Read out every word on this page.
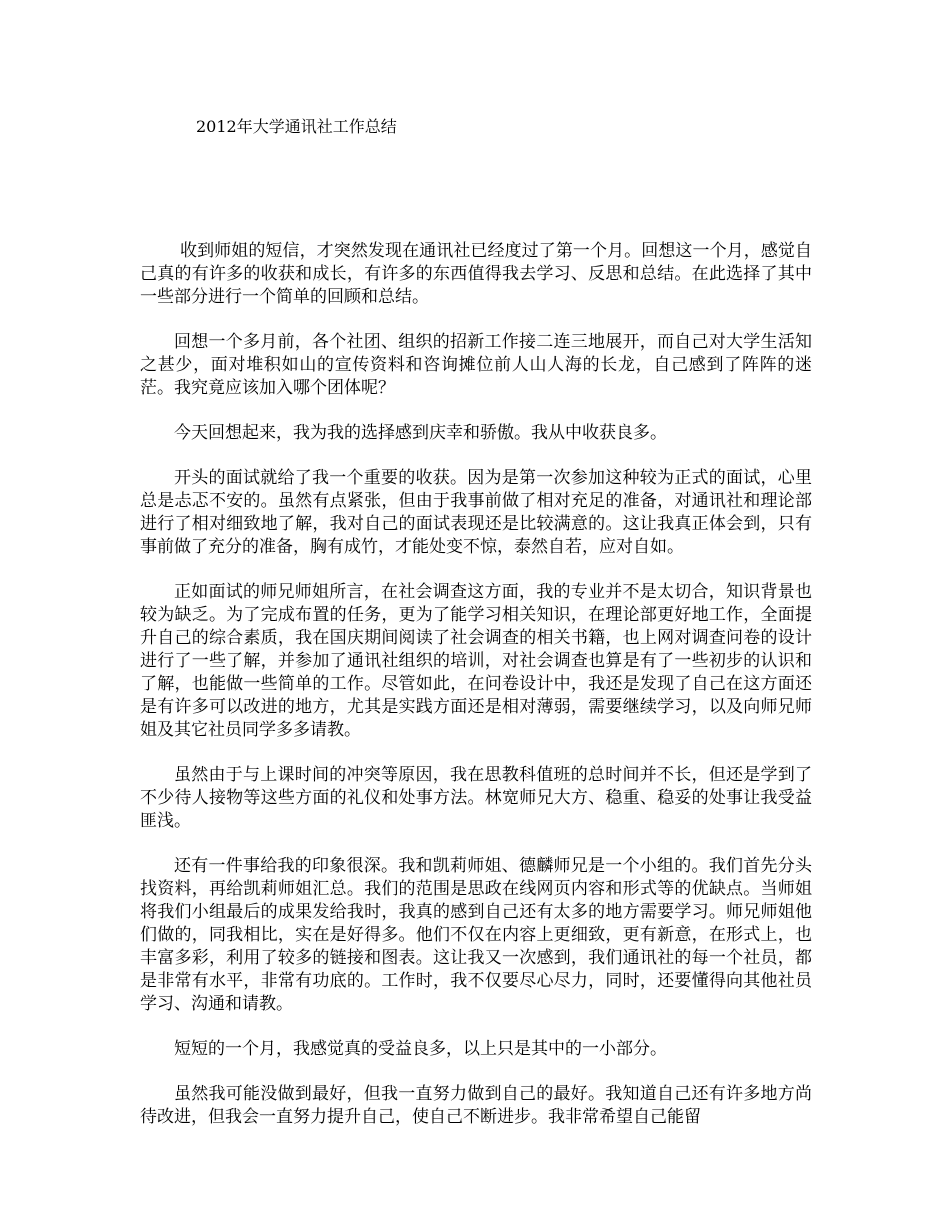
2012年大学通讯社工作总结

收到师姐的短信，才突然发现在通讯社已经度过了第一个月。回想这一个月，感觉自己真的有许多的收获和成长，有许多的东西值得我去学习、反思和总结。在此选择了其中一些部分进行一个简单的回顾和总结。

回想一个多月前，各个社团、组织的招新工作接二连三地展开，而自己对大学生活知之甚少，面对堆积如山的宣传资料和咨询摊位前人山人海的长龙，自己感到了阵阵的迷茫。我究竟应该加入哪个团体呢？

今天回想起来，我为我的选择感到庆幸和骄傲。我从中收获良多。

开头的面试就给了我一个重要的收获。因为是第一次参加这种较为正式的面试，心里总是忐忑不安的。虽然有点紧张，但由于我事前做了相对充足的准备，对通讯社和理论部进行了相对细致地了解，我对自己的面试表现还是比较满意的。这让我真正体会到，只有事前做了充分的准备，胸有成竹，才能处变不惊，泰然自若，应对自如。

正如面试的师兄师姐所言，在社会调查这方面，我的专业并不是太切合，知识背景也较为缺乏。为了完成布置的任务，更为了能学习相关知识，在理论部更好地工作，全面提升自己的综合素质，我在国庆期间阅读了社会调查的相关书籍，也上网对调查问卷的设计进行了一些了解，并参加了通讯社组织的培训，对社会调查也算是有了一些初步的认识和了解，也能做一些简单的工作。尽管如此，在问卷设计中，我还是发现了自己在这方面还是有许多可以改进的地方，尤其是实践方面还是相对薄弱，需要继续学习，以及向师兄师姐及其它社员同学多多请教。

虽然由于与上课时间的冲突等原因，我在思教科值班的总时间并不长，但还是学到了不少待人接物等这些方面的礼仪和处事方法。林宽师兄大方、稳重、稳妥的处事让我受益匪浅。

还有一件事给我的印象很深。我和凯莉师姐、德麟师兄是一个小组的。我们首先分头找资料，再给凯莉师姐汇总。我们的范围是思政在线网页内容和形式等的优缺点。当师姐将我们小组最后的成果发给我时，我真的感到自己还有太多的地方需要学习。师兄师姐他们做的，同我相比，实在是好得多。他们不仅在内容上更细致，更有新意，在形式上，也丰富多彩，利用了较多的链接和图表。这让我又一次感到，我们通讯社的每一个社员，都是非常有水平，非常有功底的。工作时，我不仅要尽心尽力，同时，还要懂得向其他社员学习、沟通和请教。

短短的一个月，我感觉真的受益良多，以上只是其中的一小部分。

虽然我可能没做到最好，但我一直努力做到自己的最好。我知道自己还有许多地方尚待改进，但我会一直努力提升自己，使自己不断进步。我非常希望自己能留
